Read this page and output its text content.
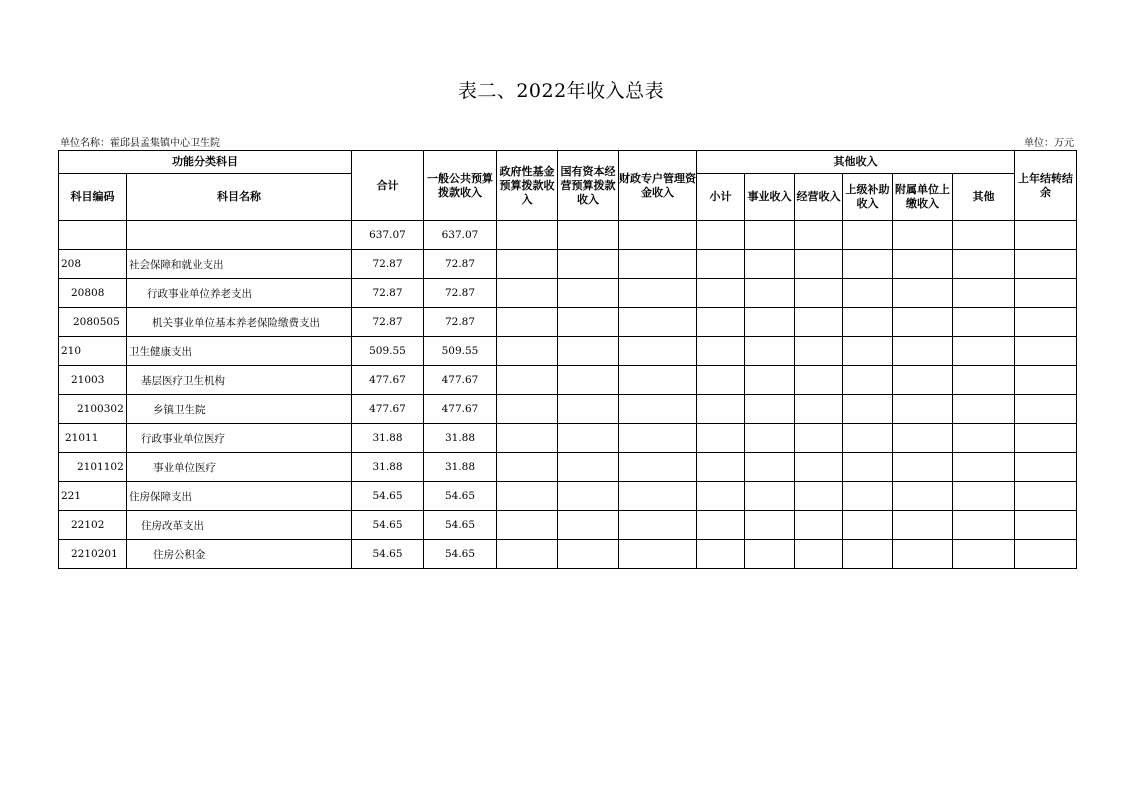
表二、2022年收入总表
单位名称：霍邱县孟集镇中心卫生院	单位：万元
功能分类科目		合计	一般公共预算拨款收入	政府性基金预算拨款收入	国有资本经营预算拨款收入	财政专户管理资金收入	其他收入						上年结转结余
科目编码	科目名称						小计	事业收入	经营收入	上级补助收入	附属单位上缴收入	其他	
		637.07	637.07										
208	社会保障和就业支出	72.87	72.87										
20808	行政事业单位养老支出	72.87	72.87										
2080505	机关事业单位基本养老保险缴费支出	72.87	72.87										
210	卫生健康支出	509.55	509.55										
21003	基层医疗卫生机构	477.67	477.67										
2100302	乡镇卫生院	477.67	477.67										
21011	行政事业单位医疗	31.88	31.88										
2101102	事业单位医疗	31.88	31.88										
221	住房保障支出	54.65	54.65										
22102	住房改革支出	54.65	54.65										
2210201	住房公积金	54.65	54.65										
